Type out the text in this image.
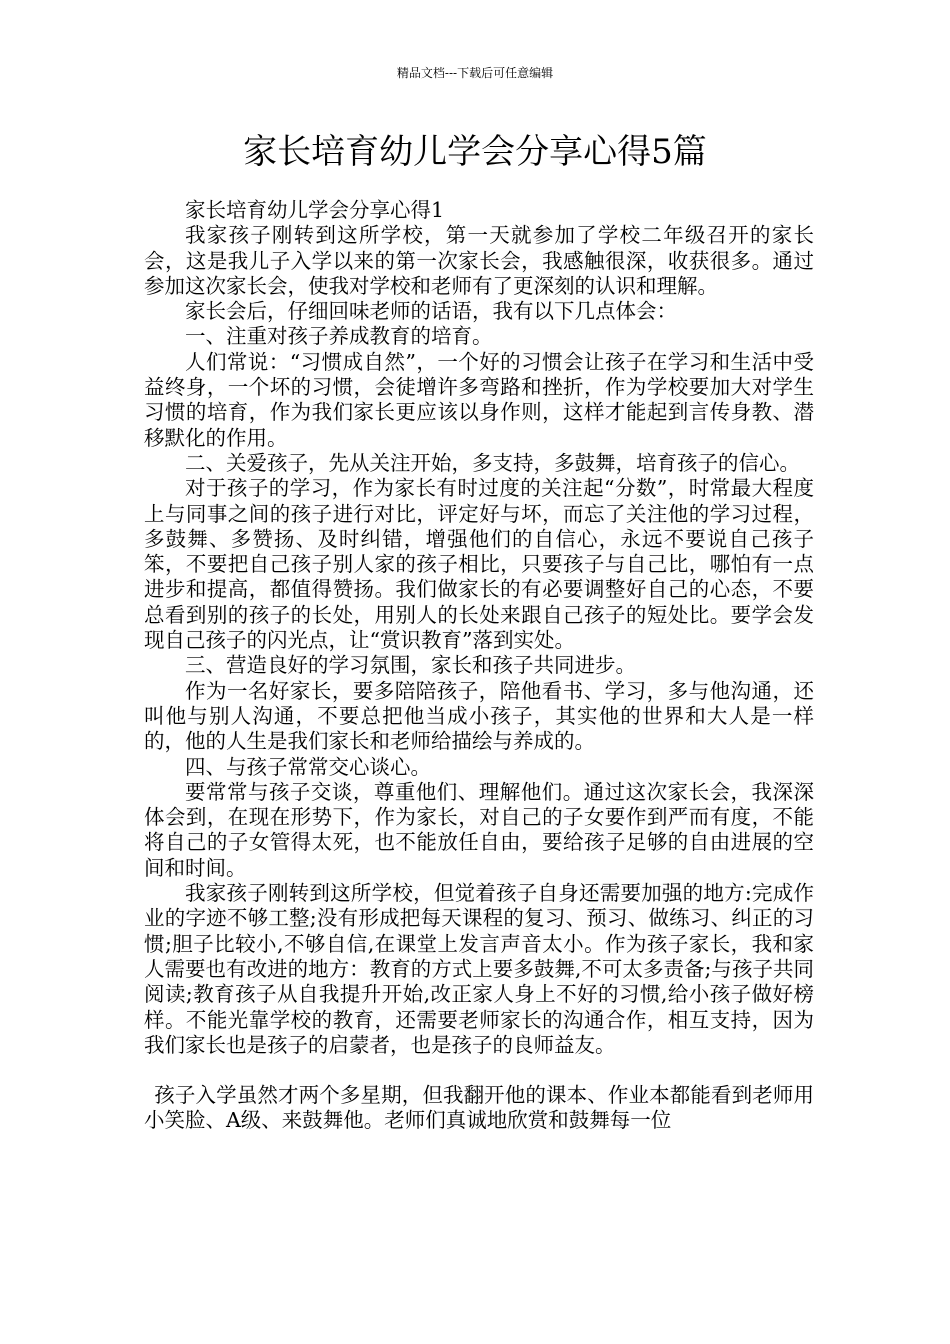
精品文档---下载后可任意编辑
家长培育幼儿学会分享心得5篇

家长培育幼儿学会分享心得1

我家孩子刚转到这所学校，第一天就参加了学校二年级召开的家长会，这是我儿子入学以来的第一次家长会，我感触很深，收获很多。通过参加这次家长会，使我对学校和老师有了更深刻的认识和理解。

家长会后，仔细回味老师的话语，我有以下几点体会：

一、注重对孩子养成教育的培育。

人们常说：“习惯成自然”，一个好的习惯会让孩子在学习和生活中受益终身，一个坏的习惯，会徒增许多弯路和挫折，作为学校要加大对学生习惯的培育，作为我们家长更应该以身作则，这样才能起到言传身教、潜移默化的作用。

二、关爱孩子，先从关注开始，多支持，多鼓舞，培育孩子的信心。

对于孩子的学习，作为家长有时过度的关注起“分数”，时常最大程度上与同事之间的孩子进行对比，评定好与坏，而忘了关注他的学习过程，多鼓舞、多赞扬、及时纠错，增强他们的自信心，永远不要说自己孩子笨，不要把自己孩子别人家的孩子相比，只要孩子与自己比，哪怕有一点进步和提高，都值得赞扬。我们做家长的有必要调整好自己的心态，不要总看到别的孩子的长处，用别人的长处来跟自己孩子的短处比。要学会发现自己孩子的闪光点，让“赏识教育”落到实处。

三、营造良好的学习氛围，家长和孩子共同进步。

作为一名好家长，要多陪陪孩子，陪他看书、学习，多与他沟通，还叫他与别人沟通，不要总把他当成小孩子，其实他的世界和大人是一样的，他的人生是我们家长和老师给描绘与养成的。

四、与孩子常常交心谈心。

要常常与孩子交谈，尊重他们、理解他们。通过这次家长会，我深深体会到，在现在形势下，作为家长，对自己的子女要作到严而有度，不能将自己的子女管得太死，也不能放任自由，要给孩子足够的自由进展的空间和时间。

我家孩子刚转到这所学校，但觉着孩子自身还需要加强的地方:完成作业的字迹不够工整;没有形成把每天课程的复习、预习、做练习、纠正的习惯;胆子比较小,不够自信,在课堂上发言声音太小。作为孩子家长，我和家人需要也有改进的地方：教育的方式上要多鼓舞,不可太多责备;与孩子共同阅读;教育孩子从自我提升开始,改正家人身上不好的习惯,给小孩子做好榜样。不能光靠学校的教育，还需要老师家长的沟通合作，相互支持，因为我们家长也是孩子的启蒙者，也是孩子的良师益友。

孩子入学虽然才两个多星期，但我翻开他的课本、作业本都能看到老师用小笑脸、A级、来鼓舞他。老师们真诚地欣赏和鼓舞每一位
